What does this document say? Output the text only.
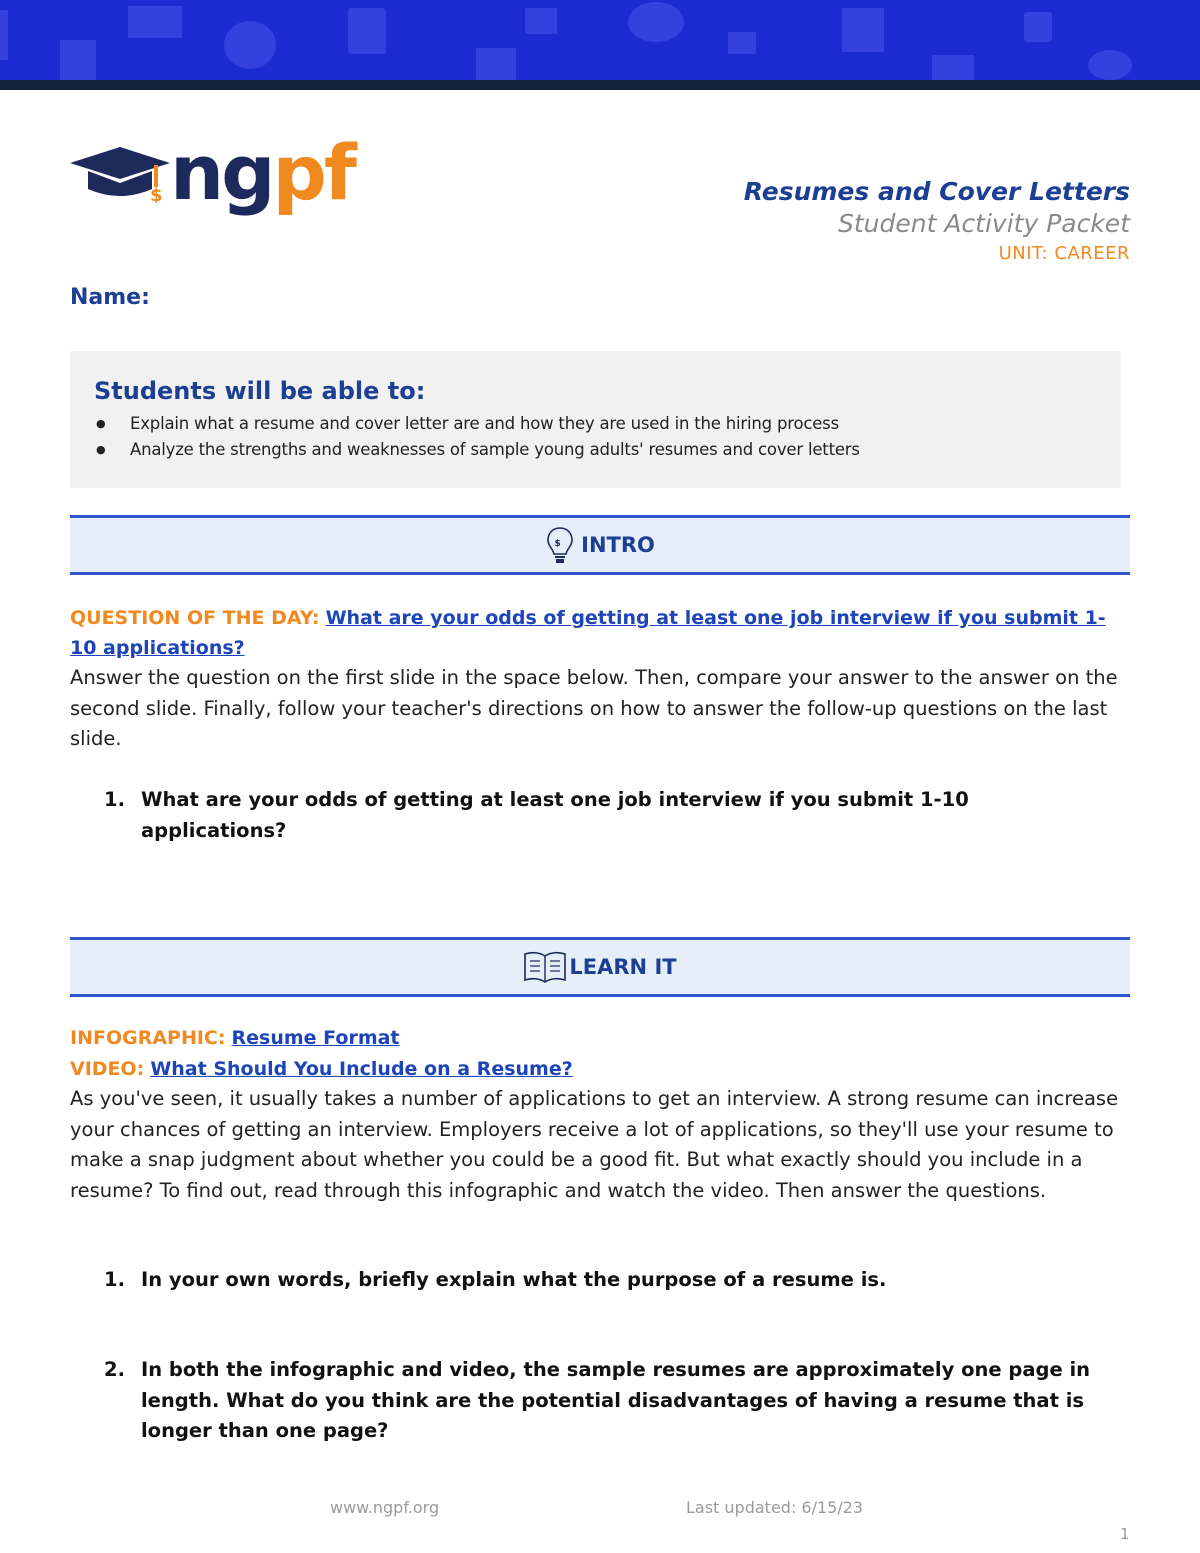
$ ngpf	Resumes and Cover Letters
Student Activity Packet
UNIT: CAREER
Name:
Students will be able to:
● Explain what a resume and cover letter are and how they are used in the hiring process
● Analyze the strengths and weaknesses of sample young adults' resumes and cover letters
$ INTRO
QUESTION OF THE DAY: What are your odds of getting at least one job interview if you submit 1-10 applications?
Answer the question on the first slide in the space below. Then, compare your answer to the answer on the second slide. Finally, follow your teacher's directions on how to answer the follow-up questions on the last slide.
1. What are your odds of getting at least one job interview if you submit 1-10 applications?
LEARN IT
INFOGRAPHIC: Resume Format
VIDEO: What Should You Include on a Resume?
As you've seen, it usually takes a number of applications to get an interview. A strong resume can increase your chances of getting an interview. Employers receive a lot of applications, so they'll use your resume to make a snap judgment about whether you could be a good fit. But what exactly should you include in a resume? To find out, read through this infographic and watch the video. Then answer the questions.
1. In your own words, briefly explain what the purpose of a resume is.
2. In both the infographic and video, the sample resumes are approximately one page in length. What do you think are the potential disadvantages of having a resume that is longer than one page?
www.ngpf.org	Last updated: 6/15/23
1
